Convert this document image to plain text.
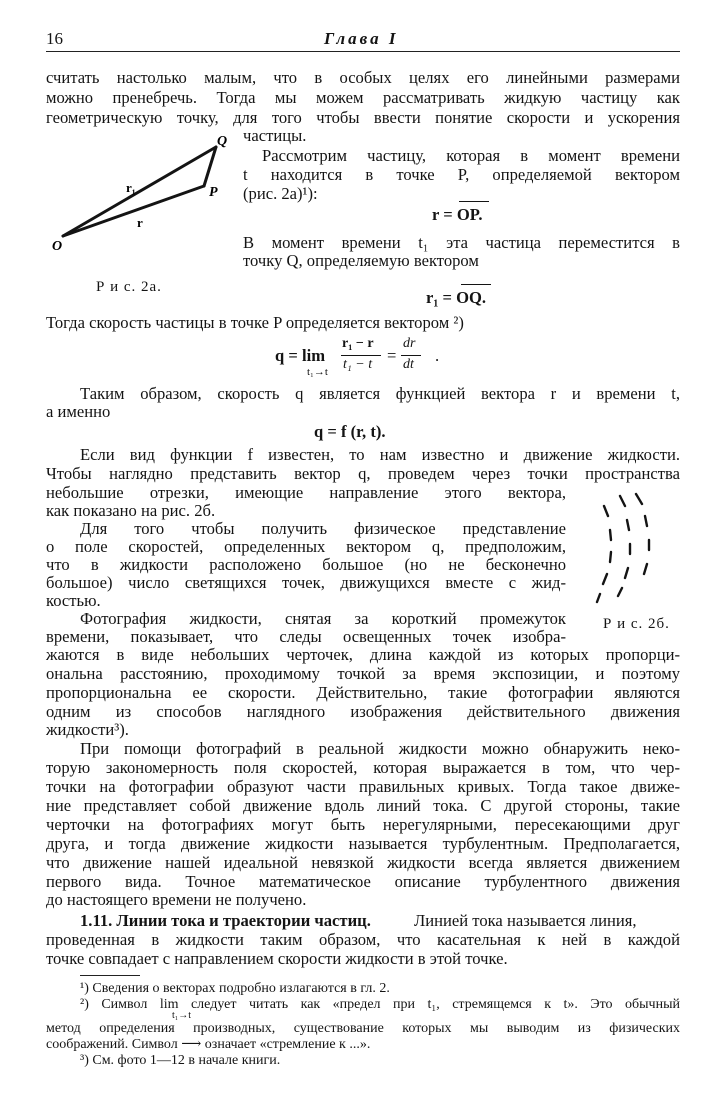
16	Глава I
считать настолько малым, что в особых целях его линейными размерами
можно пренебречь. Тогда мы можем рассматривать жидкую частицу как
геометрическую точку, для того чтобы ввести понятие скорости и ускорения
частицы.
Q
P
O
r₁
r
Рассмотрим частицу, которая в момент времени
t находится в точке P, определяемой вектором
(рис. 2а)¹):
r = OP.
В момент времени t₁ эта частица переместится в
точку Q, определяемую вектором
Р и с. 2а.
r₁ = OQ.
Тогда скорость частицы в точке P определяется вектором ²)
q = lim
t₁→t
r₁ − r
t₁ − t =
dr
dt .
Таким образом, скорость q является функцией вектора r и времени t,
а именно
q = f (r, t).
Если вид функции f известен, то нам известно и движение жидкости.
Чтобы наглядно представить вектор q, проведем через точки пространства
небольшие отрезки, имеющие направление этого вектора,
как показано на рис. 2б.
Для того чтобы получить физическое представление
о поле скоростей, определенных вектором q, предположим,
что в жидкости расположено большое (но не бесконечно
большое) число светящихся точек, движущихся вместе с жид-
костью.
Фотография жидкости, снятая за короткий промежуток
времени, показывает, что следы освещенных точек изобра-
Р и с. 2б.
жаются в виде небольших черточек, длина каждой из которых пропорци-
ональна расстоянию, проходимому точкой за время экспозиции, и поэтому
пропорциональна ее скорости. Действительно, такие фотографии являются
одним из способов наглядного изображения действительного движения
жидкости³).
При помощи фотографий в реальной жидкости можно обнаружить неко-
торую закономерность поля скоростей, которая выражается в том, что чер-
точки на фотографии образуют части правильных кривых. Тогда такое движе-
ние представляет собой движение вдоль линий тока. С другой стороны, такие
черточки на фотографиях могут быть нерегулярными, пересекающими друг
друга, и тогда движение жидкости называется турбулентным. Предполагается,
что движение нашей идеальной невязкой жидкости всегда является движением
первого вида. Точное математическое описание турбулентного движения
до настоящего времени не получено.
1.11. Линии тока и траектории частиц.	Линией тока называется линия,
проведенная в жидкости таким образом, что касательная к ней в каждой
точке совпадает с направлением скорости жидкости в этой точке.
¹) Сведения о векторах подробно излагаются в гл. 2.
²) Символ lim следует читать как «предел при t₁, стремящемся к t». Это обычный
t₁→t
метод определения производных, существование которых мы выводим из физических
соображений. Символ ⟶ означает «стремление к ...».
³) См. фото 1—12 в начале книги.
